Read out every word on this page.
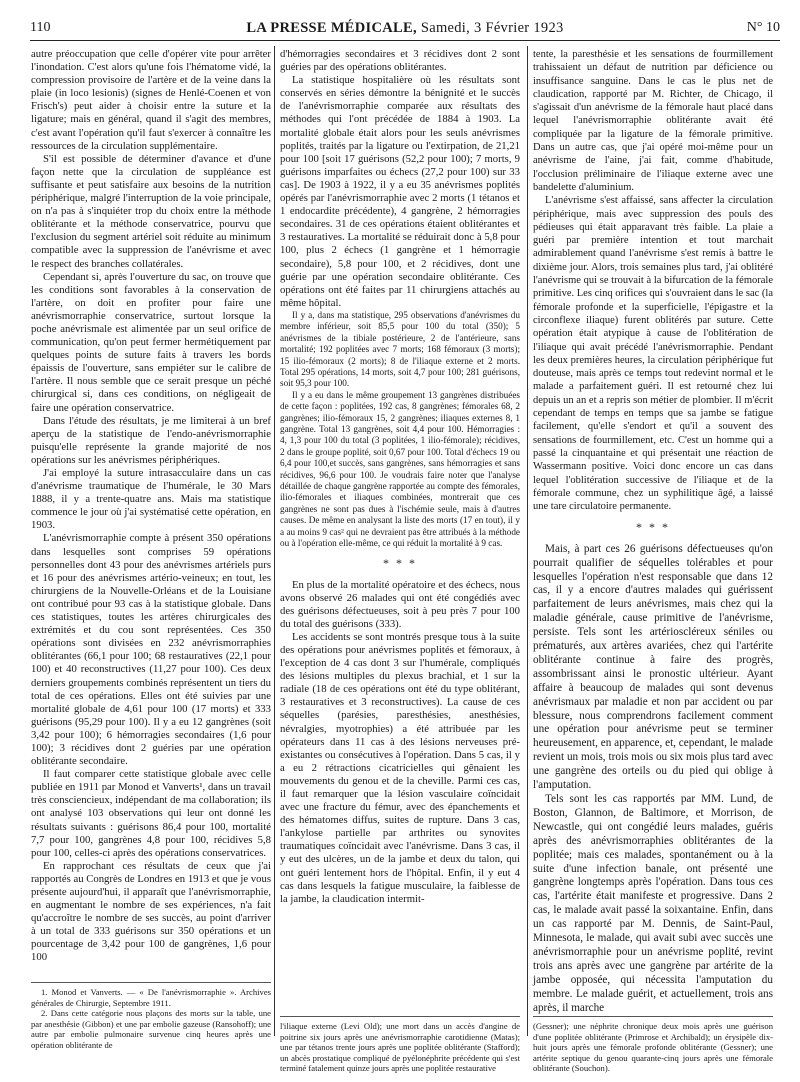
110	LA PRESSE MÉDICALE, Samedi, 3 Février 1923	N° 10

autre préoccupation que celle d'opérer vite pour arrêter l'inondation. C'est alors qu'une fois l'hématome vidé, la compression provisoire de l'artère et de la veine dans la plaie (in loco lesionis) (signes de Henlé-Coenen et von Frisch's) peut aider à choisir entre la suture et la ligature; mais en général, quand il s'agit des membres, c'est avant l'opération qu'il faut s'exercer à connaître les ressources de la circulation supplémentaire.

S'il est possible de déterminer d'avance et d'une façon nette que la circulation de suppléance est suffisante et peut satisfaire aux besoins de la nutrition périphérique, malgré l'interruption de la voie principale, on n'a pas à s'inquiéter trop du choix entre la méthode oblitérante et la méthode conservatrice, pourvu que l'exclusion du segment artériel soit réduite au minimum compatible avec la suppression de l'anévrisme et avec le respect des branches collatérales.

Cependant si, après l'ouverture du sac, on trouve que les conditions sont favorables à la conservation de l'artère, on doit en profiter pour faire une anévrismorraphie conservatrice, surtout lorsque la poche anévrismale est alimentée par un seul orifice de communication, qu'on peut fermer hermétiquement par quelques points de suture faits à travers les bords épaissis de l'ouverture, sans empiéter sur le calibre de l'artère. Il nous semble que ce serait presque un péché chirurgical si, dans ces conditions, on négligeait de faire une opération conservatrice.

Dans l'étude des résultats, je me limiterai à un bref aperçu de la statistique de l'endo-anévrismorraphie puisqu'elle représente la grande majorité de nos opérations sur les anévrismes périphériques.

J'ai employé la suture intrasacculaire dans un cas d'anévrisme traumatique de l'humérale, le 30 Mars 1888, il y a trente-quatre ans. Mais ma statistique commence le jour où j'ai systématisé cette opération, en 1903.

L'anévrismorraphie compte à présent 350 opérations dans lesquelles sont comprises 59 opérations personnelles dont 43 pour des anévrismes artériels purs et 16 pour des anévrismes artério-veineux; en tout, les chirurgiens de la Nouvelle-Orléans et de la Louisiane ont contribué pour 93 cas à la statistique globale. Dans ces statistiques, toutes les artères chirurgicales des extrémités et du cou sont représentées. Ces 350 opérations sont divisées en 232 anévrismorraphies oblitérantes (66,1 pour 100; 68 restauratives (22,1 pour 100) et 40 reconstructives (11,27 pour 100). Ces deux derniers groupements combinés représentent un tiers du total de ces opérations. Elles ont été suivies par une mortalité globale de 4,61 pour 100 (17 morts) et 333 guérisons (95,29 pour 100). Il y a eu 12 gangrènes (soit 3,42 pour 100); 6 hémorragies secondaires (1,6 pour 100); 3 récidives dont 2 guéries par une opération oblitérante secondaire.

Il faut comparer cette statistique globale avec celle publiée en 1911 par Monod et Vanverts¹, dans un travail très consciencieux, indépendant de ma collaboration; ils ont analysé 103 observations qui leur ont donné les résultats suivants : guérisons 86,4 pour 100, mortalité 7,7 pour 100, gangrènes 4,8 pour 100, récidives 5,8 pour 100, celles-ci après des opérations conservatrices.

En rapprochant ces résultats de ceux que j'ai rapportés au Congrès de Londres en 1913 et que je vous présente aujourd'hui, il apparaît que l'anévrismorraphie, en augmentant le nombre de ses expériences, n'a fait qu'accroître le nombre de ses succès, au point d'arriver à un total de 333 guérisons sur 350 opérations et un pourcentage de 3,42 pour 100 de gangrènes, 1,6 pour 100

d'hémorragies secondaires et 3 récidives dont 2 sont guéries par des opérations oblitérantes.

La statistique hospitalière où les résultats sont conservés en séries démontre la bénignité et le succès de l'anévrismorraphie comparée aux résultats des méthodes qui l'ont précédée de 1884 à 1903. La mortalité globale était alors pour les seuls anévrismes poplités, traités par la ligature ou l'extirpation, de 21,21 pour 100 [soit 17 guérisons (52,2 pour 100); 7 morts, 9 guérisons imparfaites ou échecs (27,2 pour 100) sur 33 cas]. De 1903 à 1922, il y a eu 35 anévrismes poplités opérés par l'anévrismorraphie avec 2 morts (1 tétanos et 1 endocardite précédente), 4 gangrène, 2 hémorragies secondaires. 31 de ces opérations étaient oblitérantes et 3 restauratives. La mortalité se réduirait donc à 5,8 pour 100, plus 2 échecs (1 gangrène et 1 hémorragie secondaire), 5,8 pour 100, et 2 récidives, dont une guérie par une opération secondaire oblitérante. Ces opérations ont été faites par 11 chirurgiens attachés au même hôpital.

Il y a, dans ma statistique, 295 observations d'anévrismes du membre inférieur, soit 85,5 pour 100 du total (350); 5 anévrismes de la tibiale postérieure, 2 de l'antérieure, sans mortalité; 192 poplitées avec 7 morts; 168 fémoraux (3 morts); 15 ilio-fémoraux (2 morts); 8 de l'iliaque externe et 2 morts. Total 295 opérations, 14 morts, soit 4,7 pour 100; 281 guérisons, soit 95,3 pour 100.

Il y a eu dans le même groupement 13 gangrènes distribuées de cette façon : poplitées, 192 cas, 8 gangrènes; fémorales 68, 2 gangrènes; ilio-fémoraux 15, 2 gangrènes; iliaques externes 8, 1 gangrène. Total 13 gangrènes, soit 4,4 pour 100. Hémorragies : 4, 1,3 pour 100 du total (3 poplitées, 1 ilio-fémorale); récidives, 2 dans le groupe poplité, soit 0,67 pour 100. Total d'échecs 19 ou 6,4 pour 100,et succès, sans gangrènes, sans hémorragies et sans récidives, 96,6 pour 100. Je voudrais faire noter que l'analyse détaillée de chaque gangrène rapportée au compte des fémorales, ilio-fémorales et iliaques combinées, montrerait que ces gangrènes ne sont pas dues à l'ischémie seule, mais à d'autres causes. De même en analysant la liste des morts (17 en tout), il y a au moins 9 cas² qui ne devraient pas être attribués à la méthode ou à l'opération elle-même, ce qui réduit la mortalité à 9 cas.

* * *

En plus de la mortalité opératoire et des échecs, nous avons observé 26 malades qui ont été congédiés avec des guérisons défectueuses, soit à peu près 7 pour 100 du total des guérisons (333).

Les accidents se sont montrés presque tous à la suite des opérations pour anévrismes poplités et fémoraux, à l'exception de 4 cas dont 3 sur l'humérale, compliqués des lésions multiples du plexus brachial, et 1 sur la radiale (18 de ces opérations ont été du type oblitérant, 3 restauratives et 3 reconstructives). La cause de ces séquelles (parésies, paresthésies, anesthésies, névralgies, myotrophies) a été attribuée par les opérateurs dans 11 cas à des lésions nerveuses pré-existantes ou consécutives à l'opération. Dans 5 cas, il y a eu 2 rétractions cicatricielles qui gênaient les mouvements du genou et de la cheville. Parmi ces cas, il faut remarquer que la lésion vasculaire coïncidait avec une fracture du fémur, avec des épanchements et des hématomes diffus, suites de rupture. Dans 3 cas, l'ankylose partielle par arthrites ou synovites traumatiques coïncidait avec l'anévrisme. Dans 3 cas, il y eut des ulcères, un de la jambe et deux du talon, qui ont guéri lentement hors de l'hôpital. Enfin, il y eut 4 cas dans lesquels la fatigue musculaire, la faiblesse de la jambe, la claudication intermit-

tente, la paresthésie et les sensations de fourmillement trahissaient un défaut de nutrition par déficience ou insuffisance sanguine. Dans le cas le plus net de claudication, rapporté par M. Richter, de Chicago, il s'agissait d'un anévrisme de la fémorale haut placé dans lequel l'anévrismorraphie oblitérante avait été compliquée par la ligature de la fémorale primitive. Dans un autre cas, que j'ai opéré moi-même pour un anévrisme de l'aine, j'ai fait, comme d'habitude, l'occlusion préliminaire de l'iliaque externe avec une bandelette d'aluminium.

L'anévrisme s'est affaissé, sans affecter la circulation périphérique, mais avec suppression des pouls des pédieuses qui était apparavant très faible. La plaie a guéri par première intention et tout marchait admirablement quand l'anévrisme s'est remis à battre le dixième jour. Alors, trois semaines plus tard, j'ai oblitéré l'anévrisme qui se trouvait à la bifurcation de la fémorale primitive. Les cinq orifices qui s'ouvraient dans le sac (la fémorale profonde et la superficielle, l'épigastre et la circonflexe iliaque) furent oblitérés par suture. Cette opération était atypique à cause de l'oblitération de l'iliaque qui avait précédé l'anévrismorraphie. Pendant les deux premières heures, la circulation périphérique fut douteuse, mais après ce temps tout redevint normal et le malade a parfaitement guéri. Il est retourné chez lui depuis un an et a repris son métier de plombier. Il m'écrit cependant de temps en temps que sa jambe se fatigue facilement, qu'elle s'endort et qu'il a souvent des sensations de fourmillement, etc. C'est un homme qui a passé la cinquantaine et qui présentait une réaction de Wassermann positive. Voici donc encore un cas dans lequel l'oblitération successive de l'iliaque et de la fémorale commune, chez un syphilitique âgé, a laissé une tare circulatoire permanente.

* * *

Mais, à part ces 26 guérisons défectueuses qu'on pourrait qualifier de séquelles tolérables et pour lesquelles l'opération n'est responsable que dans 12 cas, il y a encore d'autres malades qui guérissent parfaitement de leurs anévrismes, mais chez qui la maladie générale, cause primitive de l'anévrisme, persiste. Tels sont les artérioscléreux séniles ou prématurés, aux artères avariées, chez qui l'artérite oblitérante continue à faire des progrès, assombrissant ainsi le pronostic ultérieur. Ayant affaire à beaucoup de malades qui sont devenus anévrismaux par maladie et non par accident ou par blessure, nous comprendrons facilement comment une opération pour anévrisme peut se terminer heureusement, en apparence, et, cependant, le malade revient un mois, trois mois ou six mois plus tard avec une gangrène des orteils ou du pied qui oblige à l'amputation.

Tels sont les cas rapportés par MM. Lund, de Boston, Glannon, de Baltimore, et Morrison, de Newcastle, qui ont congédié leurs malades, guéris après des anévrismorraphies oblitérantes de la poplitée; mais ces malades, spontanément ou à la suite d'une infection banale, ont présenté une gangrène longtemps après l'opération. Dans tous ces cas, l'artérite était manifeste et progressive. Dans 2 cas, le malade avait passé la soixantaine. Enfin, dans un cas rapporté par M. Dennis, de Saint-Paul, Minnesota, le malade, qui avait subi avec succès une anévrismorraphie pour un anévrisme poplité, revint trois ans après avec une gangrène par artérite de la jambe opposée, qui nécessita l'amputation du membre. Le malade guérit, et actuellement, trois ans après, il marche

1. Monod et Vanverts. — « De l'anévrismorraphie ». Archives générales de Chirurgie, Septembre 1911.

2. Dans cette catégorie nous plaçons des morts sur la table, une par anesthésie (Gibbon) et une par embolie gazeuse (Ransohoff); une autre par embolie pulmonaire survenue cinq heures après une opération oblitérante de

l'iliaque externe (Levi Old); une mort dans un accès d'angine de poitrine six jours après une anévrismorraphie carotidienne (Matas); une par tétanos trente jours après une poplitée oblitérante (Stafford); un abcès prostatique compliqué de pyélonéphrite précédente qui s'est terminé fatalement quinze jours après une poplitée restaurative

(Gessner); une néphrite chronique deux mois après une guérison d'une poplitée oblitérante (Primrose et Archibald); un érysipèle dix-huit jours après une fémorale profonde oblitérante (Gessner); une artérite septique du genou quarante-cinq jours après une fémorale oblitérante (Souchon).
